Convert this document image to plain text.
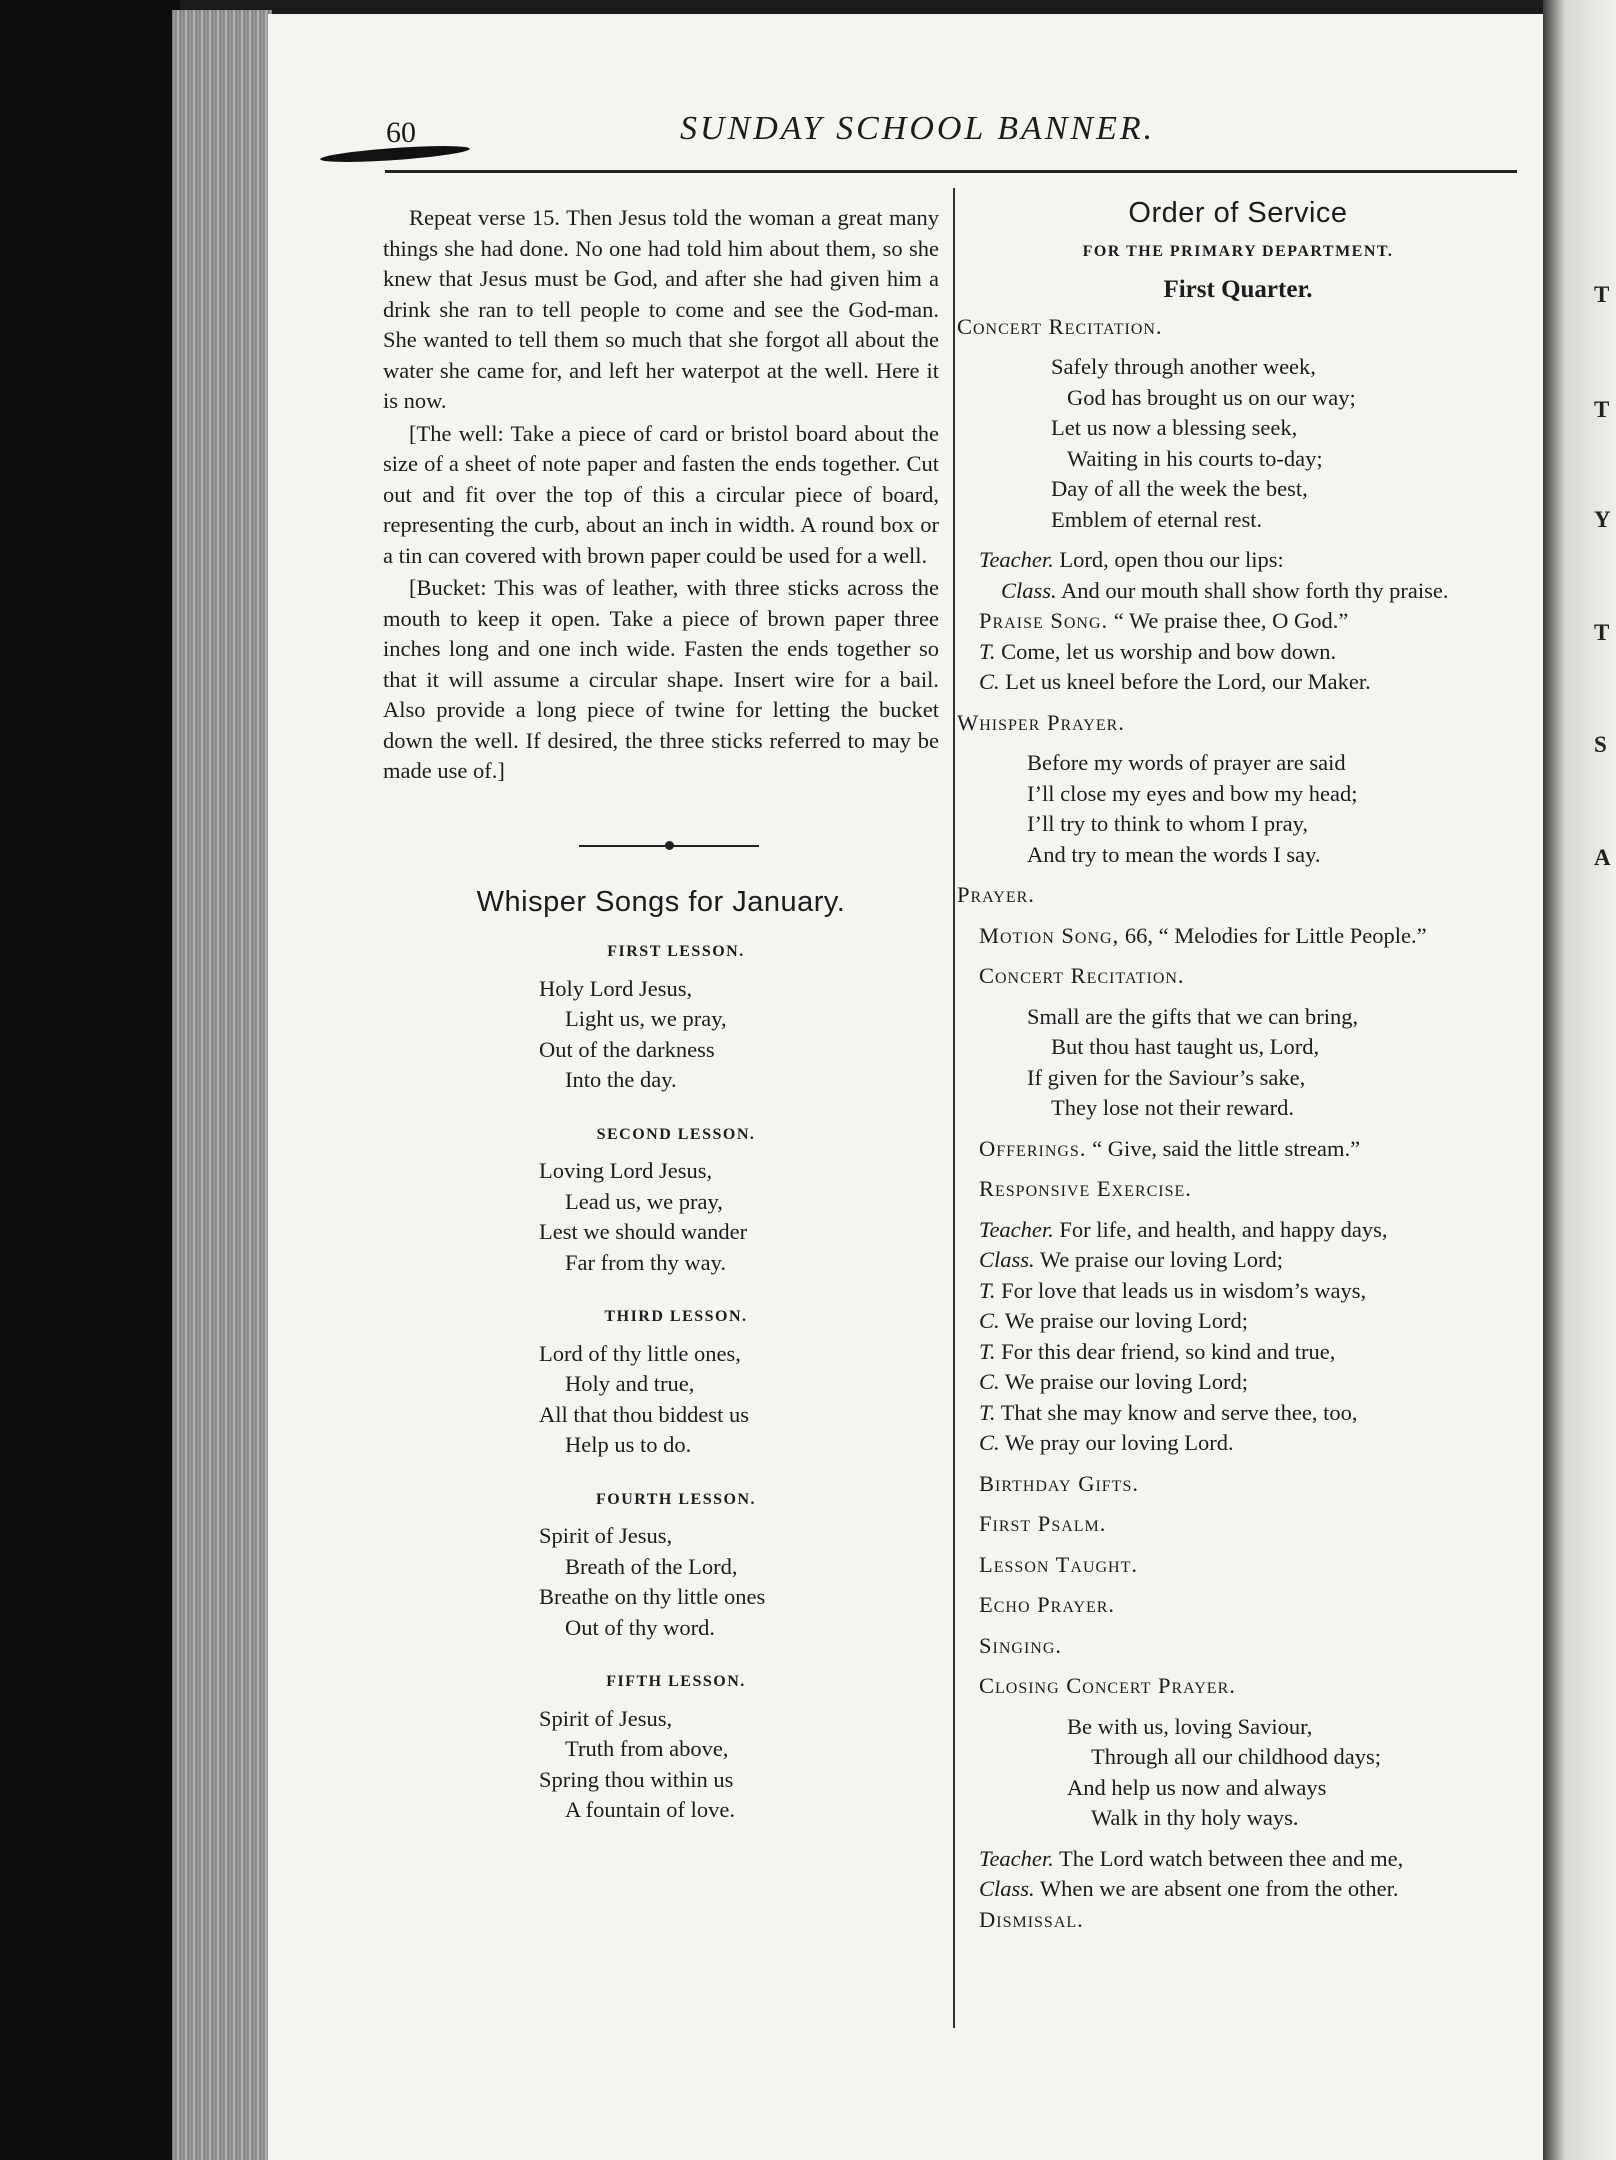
T
T
Y
T
S
A
60	SUNDAY SCHOOL BANNER.

Repeat verse 15. Then Jesus told the woman a great many things she had done. No one had told him about them, so she knew that Jesus must be God, and after she had given him a drink she ran to tell people to come and see the God-man. She wanted to tell them so much that she forgot all about the water she came for, and left her waterpot at the well. Here it is now.

[The well: Take a piece of card or bristol board about the size of a sheet of note paper and fasten the ends together. Cut out and fit over the top of this a circular piece of board, representing the curb, about an inch in width. A round box or a tin can covered with brown paper could be used for a well.

[Bucket: This was of leather, with three sticks across the mouth to keep it open. Take a piece of brown paper three inches long and one inch wide. Fasten the ends together so that it will assume a circular shape. Insert wire for a bail. Also provide a long piece of twine for letting the bucket down the well. If desired, the three sticks referred to may be made use of.]

Whisper Songs for January.
FIRST LESSON.
Holy Lord Jesus,
Light us, we pray,
Out of the darkness
Into the day.
SECOND LESSON.
Loving Lord Jesus,
Lead us, we pray,
Lest we should wander
Far from thy way.
THIRD LESSON.
Lord of thy little ones,
Holy and true,
All that thou biddest us
Help us to do.
FOURTH LESSON.
Spirit of Jesus,
Breath of the Lord,
Breathe on thy little ones
Out of thy word.
FIFTH LESSON.
Spirit of Jesus,
Truth from above,
Spring thou within us
A fountain of love.
Order of Service
FOR THE PRIMARY DEPARTMENT.
First Quarter.
Concert Recitation.
Safely through another week,
God has brought us on our way;
Let us now a blessing seek,
Waiting in his courts to-day;
Day of all the week the best,
Emblem of eternal rest.
Teacher. Lord, open thou our lips:
Class. And our mouth shall show forth thy praise.
Praise Song. “ We praise thee, O God.”
T. Come, let us worship and bow down.
C. Let us kneel before the Lord, our Maker.
Whisper Prayer.
Before my words of prayer are said
I’ll close my eyes and bow my head;
I’ll try to think to whom I pray,
And try to mean the words I say.
Prayer.
Motion Song, 66, “ Melodies for Little People.”
Concert Recitation.
Small are the gifts that we can bring,
But thou hast taught us, Lord,
If given for the Saviour’s sake,
They lose not their reward.
Offerings. “ Give, said the little stream.”
Responsive Exercise.
Teacher. For life, and health, and happy days,
Class. We praise our loving Lord;
T. For love that leads us in wisdom’s ways,
C. We praise our loving Lord;
T. For this dear friend, so kind and true,
C. We praise our loving Lord;
T. That she may know and serve thee, too,
C. We pray our loving Lord.
Birthday Gifts.
First Psalm.
Lesson Taught.
Echo Prayer.
Singing.
Closing Concert Prayer.
Be with us, loving Saviour,
Through all our childhood days;
And help us now and always
Walk in thy holy ways.
Teacher. The Lord watch between thee and me,
Class. When we are absent one from the other.
Dismissal.
